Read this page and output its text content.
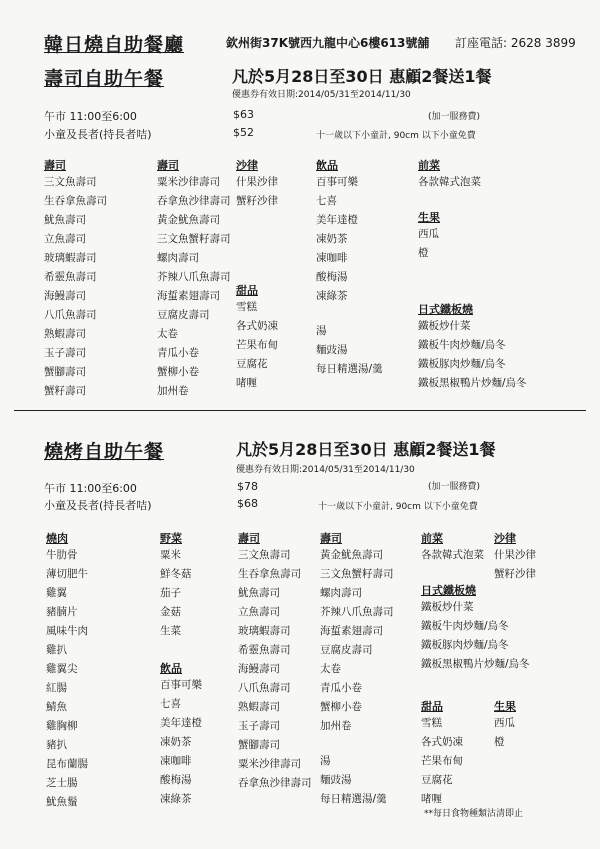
韓日燒自助餐廳	欽州街37K號西九龍中心6樓613號舖 訂座電話: 2628 3899
壽司自助午餐	凡於5月28日至30日 惠顧2餐送1餐
優惠券有效日期:2014/05/31至2014/11/30
(加一服務費)
午市 11:00至6:00	$63
小童及長者(持長者咭)	$52	十一歲以下小童計, 90cm 以下小童免費
壽司
三文魚壽司
生吞拿魚壽司
魷魚壽司
立魚壽司
玻璃蝦壽司
希靈魚壽司
海鰻壽司
八爪魚壽司
熟蝦壽司
玉子壽司
蟹腳壽司
蟹籽壽司
壽司
粟米沙律壽司
吞拿魚沙律壽司
黃金魷魚壽司
三文魚蟹籽壽司
螺肉壽司
芥辣八爪魚壽司
海蜇素翅壽司
豆腐皮壽司
太卷
青瓜小卷
蟹柳小卷
加州卷
沙律
什果沙律
蟹籽沙律
甜品
雪糕
各式奶凍
芒果布甸
豆腐花
啫喱
飲品
百事可樂
七喜
美年達橙
凍奶茶
凍咖啡
酸梅湯
凍綠茶
湯
麵豉湯
每日精選湯/羹
前菜
各款韓式泡菜
生果
西瓜
橙
日式鐵板燒
鐵板炒什菜
鐵板牛肉炒麵/烏冬
鐵板豚肉炒麵/烏冬
鐵板黑椒鴨片炒麵/烏冬
燒烤自助午餐	凡於5月28日至30日 惠顧2餐送1餐
優惠券有效日期:2014/05/31至2014/11/30
(加一服務費)
午市 11:00至6:00	$78
小童及長者(持長者咭)	$68	十一歲以下小童計, 90cm 以下小童免費
燒肉
牛肋骨
薄切肥牛
雞翼
豬腩片
風味牛肉
雞扒
雞翼尖
紅腸
鯖魚
雞胸柳
豬扒
昆布蘭腸
芝士腸
魷魚鬚
野菜
粟米
鮮冬菇
茄子
金菇
生菜
飲品
百事可樂
七喜
美年達橙
凍奶茶
凍咖啡
酸梅湯
凍綠茶
壽司
三文魚壽司
生吞拿魚壽司
魷魚壽司
立魚壽司
玻璃蝦壽司
希靈魚壽司
海鰻壽司
八爪魚壽司
熟蝦壽司
玉子壽司
蟹腳壽司
粟米沙律壽司
吞拿魚沙律壽司
壽司
黃金魷魚壽司
三文魚蟹籽壽司
螺肉壽司
芥辣八爪魚壽司
海蜇素翅壽司
豆腐皮壽司
太卷
青瓜小卷
蟹柳小卷
加州卷
湯
麵豉湯
每日精選湯/羹
前菜
各款韓式泡菜
日式鐵板燒
鐵板炒什菜
鐵板牛肉炒麵/烏冬
鐵板豚肉炒麵/烏冬
鐵板黑椒鴨片炒麵/烏冬
甜品
雪糕
各式奶凍
芒果布甸
豆腐花
啫喱
沙律
什果沙律
蟹籽沙律
生果
西瓜
橙
**每日食物種類沽清即止
